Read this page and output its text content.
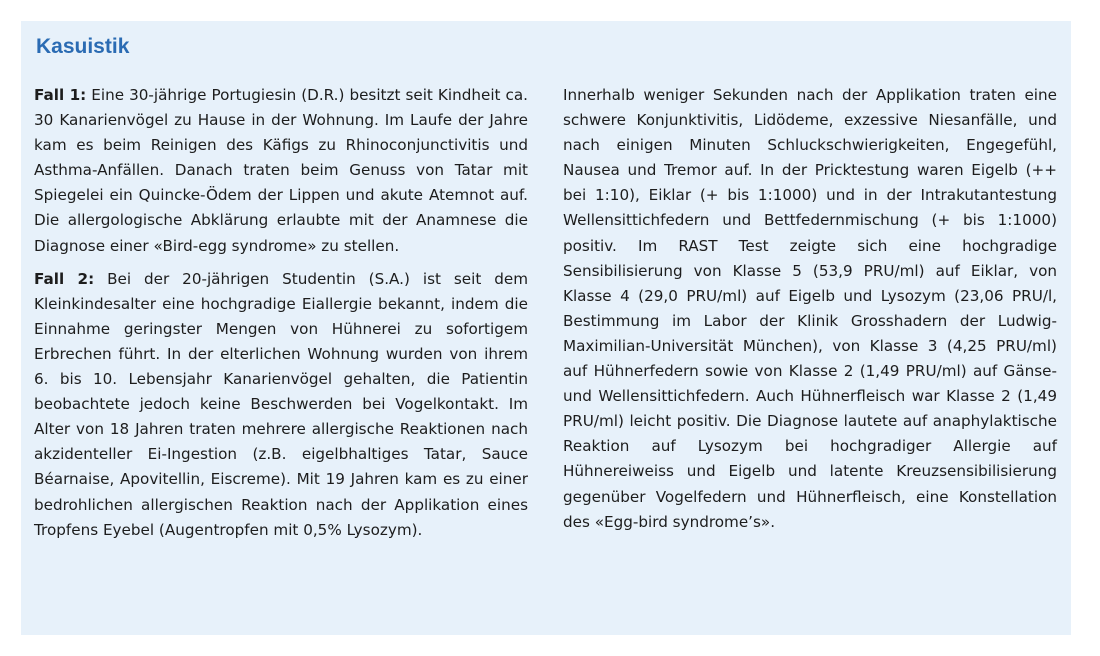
Kasuistik

Fall 1: Eine 30-jährige Portugiesin (D.R.) besitzt seit Kindheit ca. 30 Kanarienvögel zu Hause in der Wohnung. Im Laufe der Jahre kam es beim Reinigen des Käfigs zu Rhinoconjunctivitis und Asthma-Anfällen. Danach traten beim Genuss von Tatar mit Spiegelei ein Quincke-Ödem der Lippen und akute Atemnot auf. Die allergologische Abklärung erlaubte mit der Anamnese die Diagnose einer «Bird-egg syndrome» zu stellen.

Fall 2: Bei der 20-jährigen Studentin (S.A.) ist seit dem Kleinkindesalter eine hochgradige Eiallergie bekannt, indem die Einnahme geringster Mengen von Hühnerei zu sofortigem Erbrechen führt. In der elterlichen Wohnung wurden von ihrem 6. bis 10. Lebensjahr Kanarienvögel gehalten, die Patientin beobachtete jedoch keine Beschwerden bei Vogelkontakt. Im Alter von 18 Jahren traten mehrere allergische Reaktionen nach akzidenteller Ei-Ingestion (z.B. eigelbhaltiges Tatar, Sauce Béarnaise, Apovitellin, Eiscreme). Mit 19 Jahren kam es zu einer bedrohlichen allergischen Reaktion nach der Applikation eines Tropfens Eyebel (Augentropfen mit 0,5% Lysozym).

Innerhalb weniger Sekunden nach der Applikation traten eine schwere Konjunktivitis, Lidödeme, exzessive Niesanfälle, und nach einigen Minuten Schluckschwierigkeiten, Engegefühl, Nausea und Tremor auf. In der Pricktestung waren Eigelb (++ bei 1:10), Eiklar (+ bis 1:1000) und in der Intrakutantestung Wellensittichfedern und Bettfedernmischung (+ bis 1:1000) positiv. Im RAST Test zeigte sich eine hochgradige Sensibilisierung von Klasse 5 (53,9 PRU/ml) auf Eiklar, von Klasse 4 (29,0 PRU/ml) auf Eigelb und Lysozym (23,06 PRU/l, Bestimmung im Labor der Klinik Grosshadern der Ludwig-Maximilian-Universität München), von Klasse 3 (4,25 PRU/ml) auf Hühnerfedern sowie von Klasse 2 (1,49 PRU/ml) auf Gänse- und Wellensittichfedern. Auch Hühnerfleisch war Klasse 2 (1,49 PRU/ml) leicht positiv. Die Diagnose lautete auf anaphylaktische Reaktion auf Lysozym bei hochgradiger Allergie auf Hühnereiweiss und Eigelb und latente Kreuzsensibilisierung gegenüber Vogelfedern und Hühnerfleisch, eine Konstellation des «Egg-bird syndrome’s».
